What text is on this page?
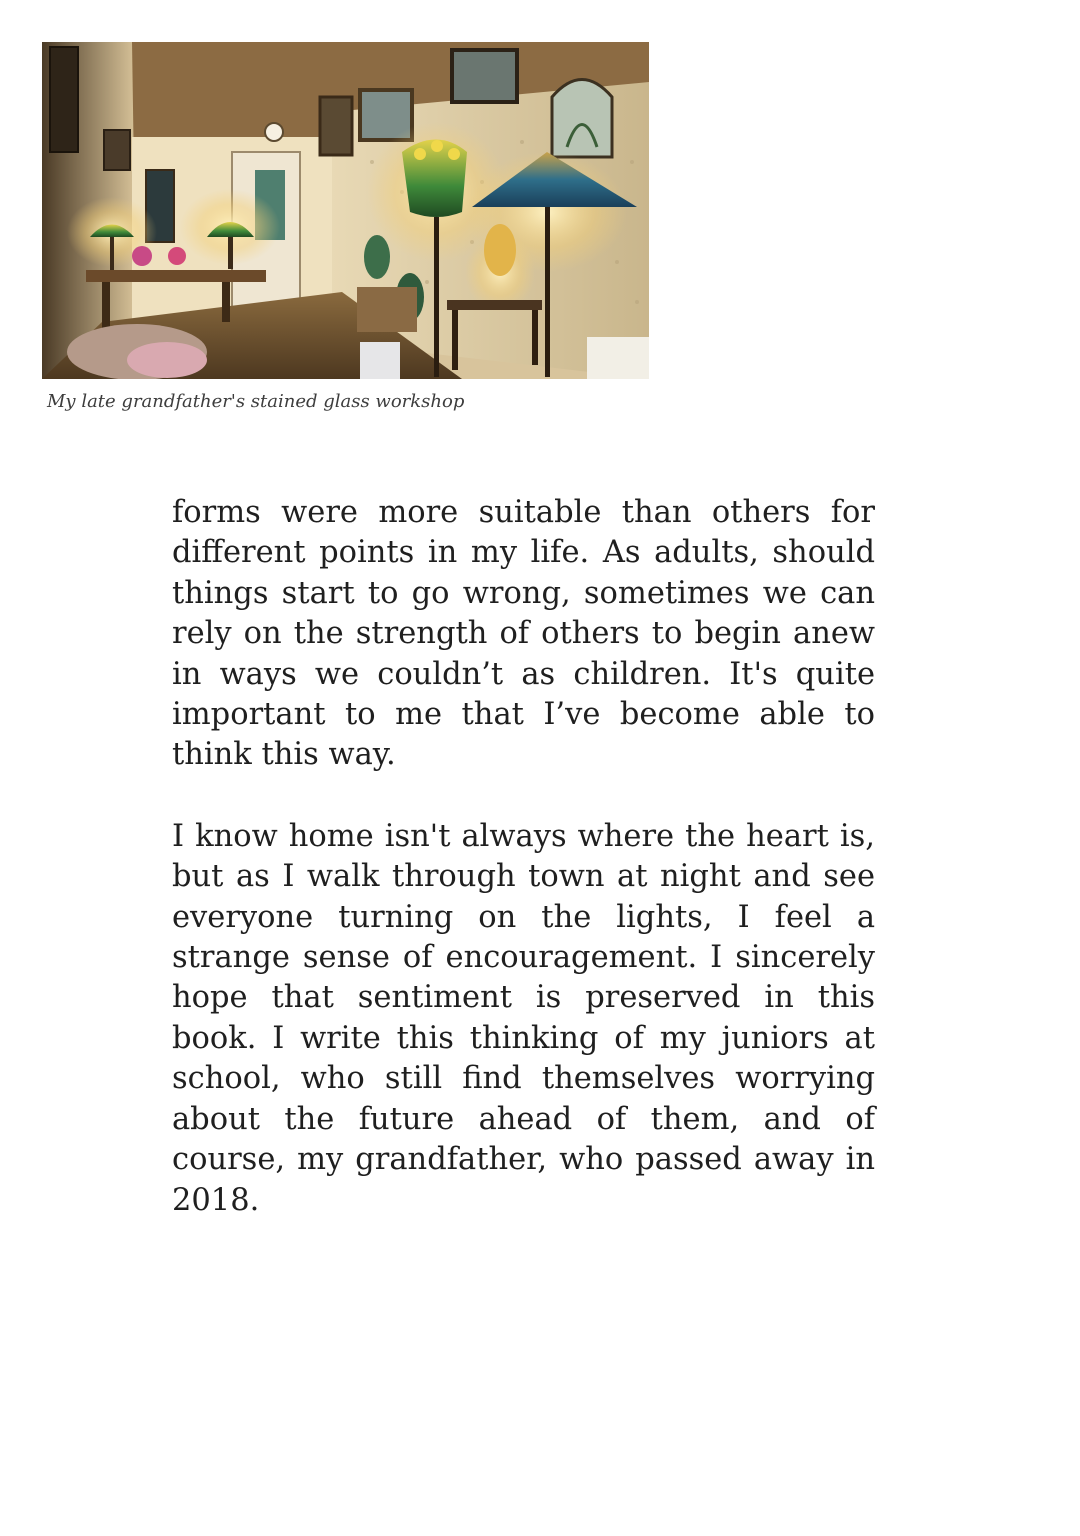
My late grandfather's stained glass workshop

forms were more suitable than others for different points in my life. As adults, should things start to go wrong, sometimes we can rely on the strength of others to begin anew in ways we couldn’t as children. It's quite important to me that I’ve become able to think this way.

I know home isn't always where the heart is, but as I walk through town at night and see everyone turning on the lights, I feel a strange sense of encouragement. I sincerely hope that sentiment is preserved in this book. I write this thinking of my juniors at school, who still find themselves worrying about the future ahead of them, and of course, my grandfather, who passed away in 2018.
